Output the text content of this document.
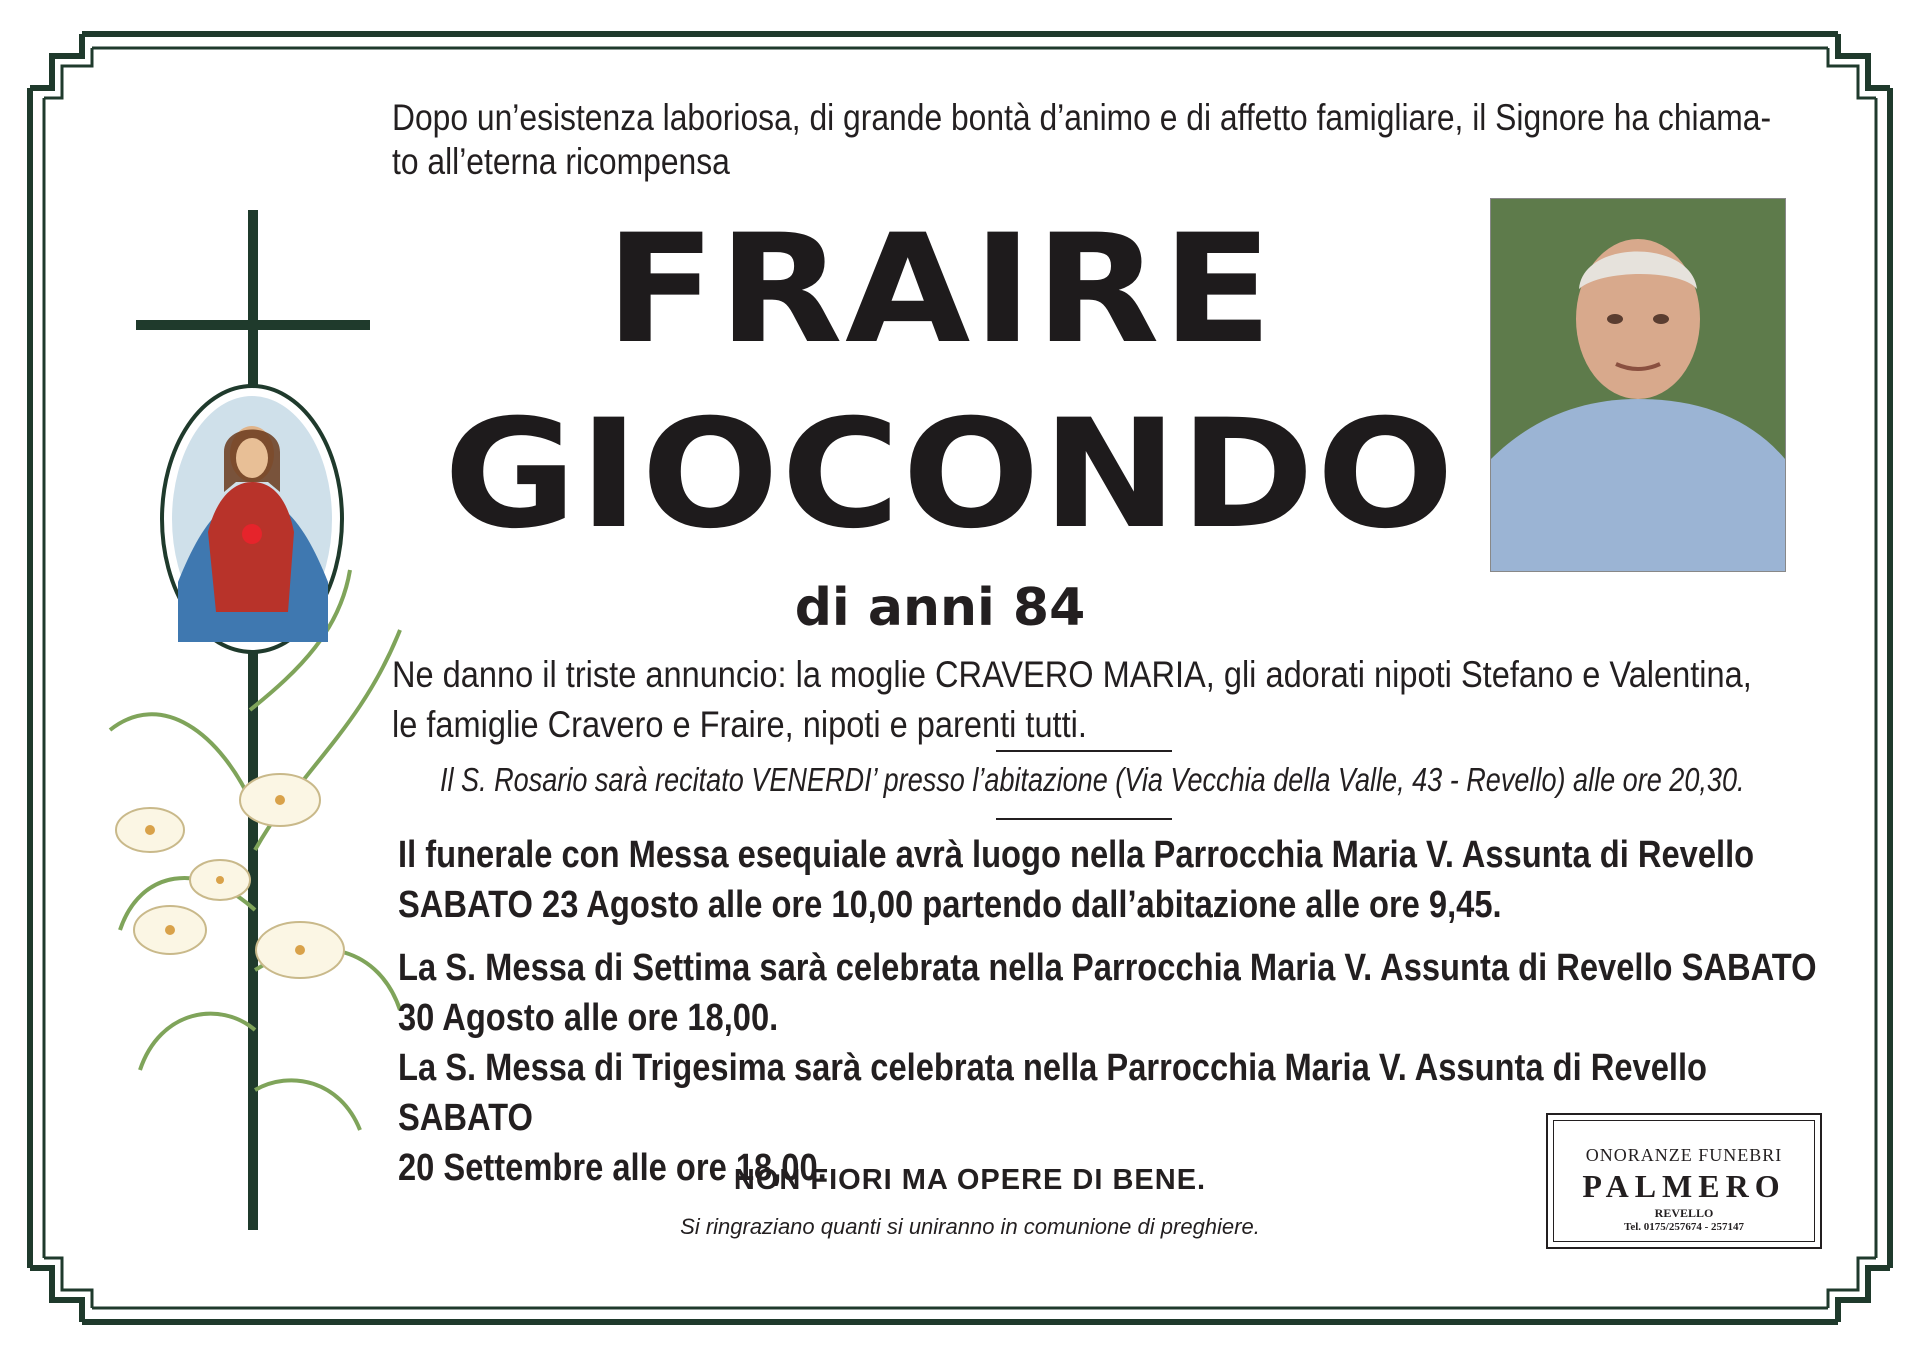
Dopo un’esistenza laboriosa, di grande bontà d’animo e di affetto famigliare, il Signore ha chiama-
to all’eterna ricompensa
FRAIRE
GIOCONDO
di anni 84
Ne danno il triste annuncio: la moglie CRAVERO MARIA, gli adorati nipoti Stefano e Valentina,
le famiglie Cravero e Fraire, nipoti e parenti tutti.
Il S. Rosario sarà recitato VENERDI’ presso l’abitazione (Via Vecchia della Valle, 43 - Revello) alle ore 20,30.
Il funerale con Messa esequiale avrà luogo nella Parrocchia Maria V. Assunta di Revello
SABATO 23 Agosto alle ore 10,00 partendo dall’abitazione alle ore 9,45.
La S. Messa di Settima sarà celebrata nella Parrocchia Maria V. Assunta di Revello SABATO
30 Agosto alle ore 18,00.
La S. Messa di Trigesima sarà celebrata nella Parrocchia Maria V. Assunta di Revello SABATO
20 Settembre alle ore 18,00.
NON FIORI MA OPERE DI BENE.
Si ringraziano quanti si uniranno in comunione di preghiere.
ONORANZE FUNEBRI
PALMERO
REVELLO
Tel. 0175/257674 - 257147
